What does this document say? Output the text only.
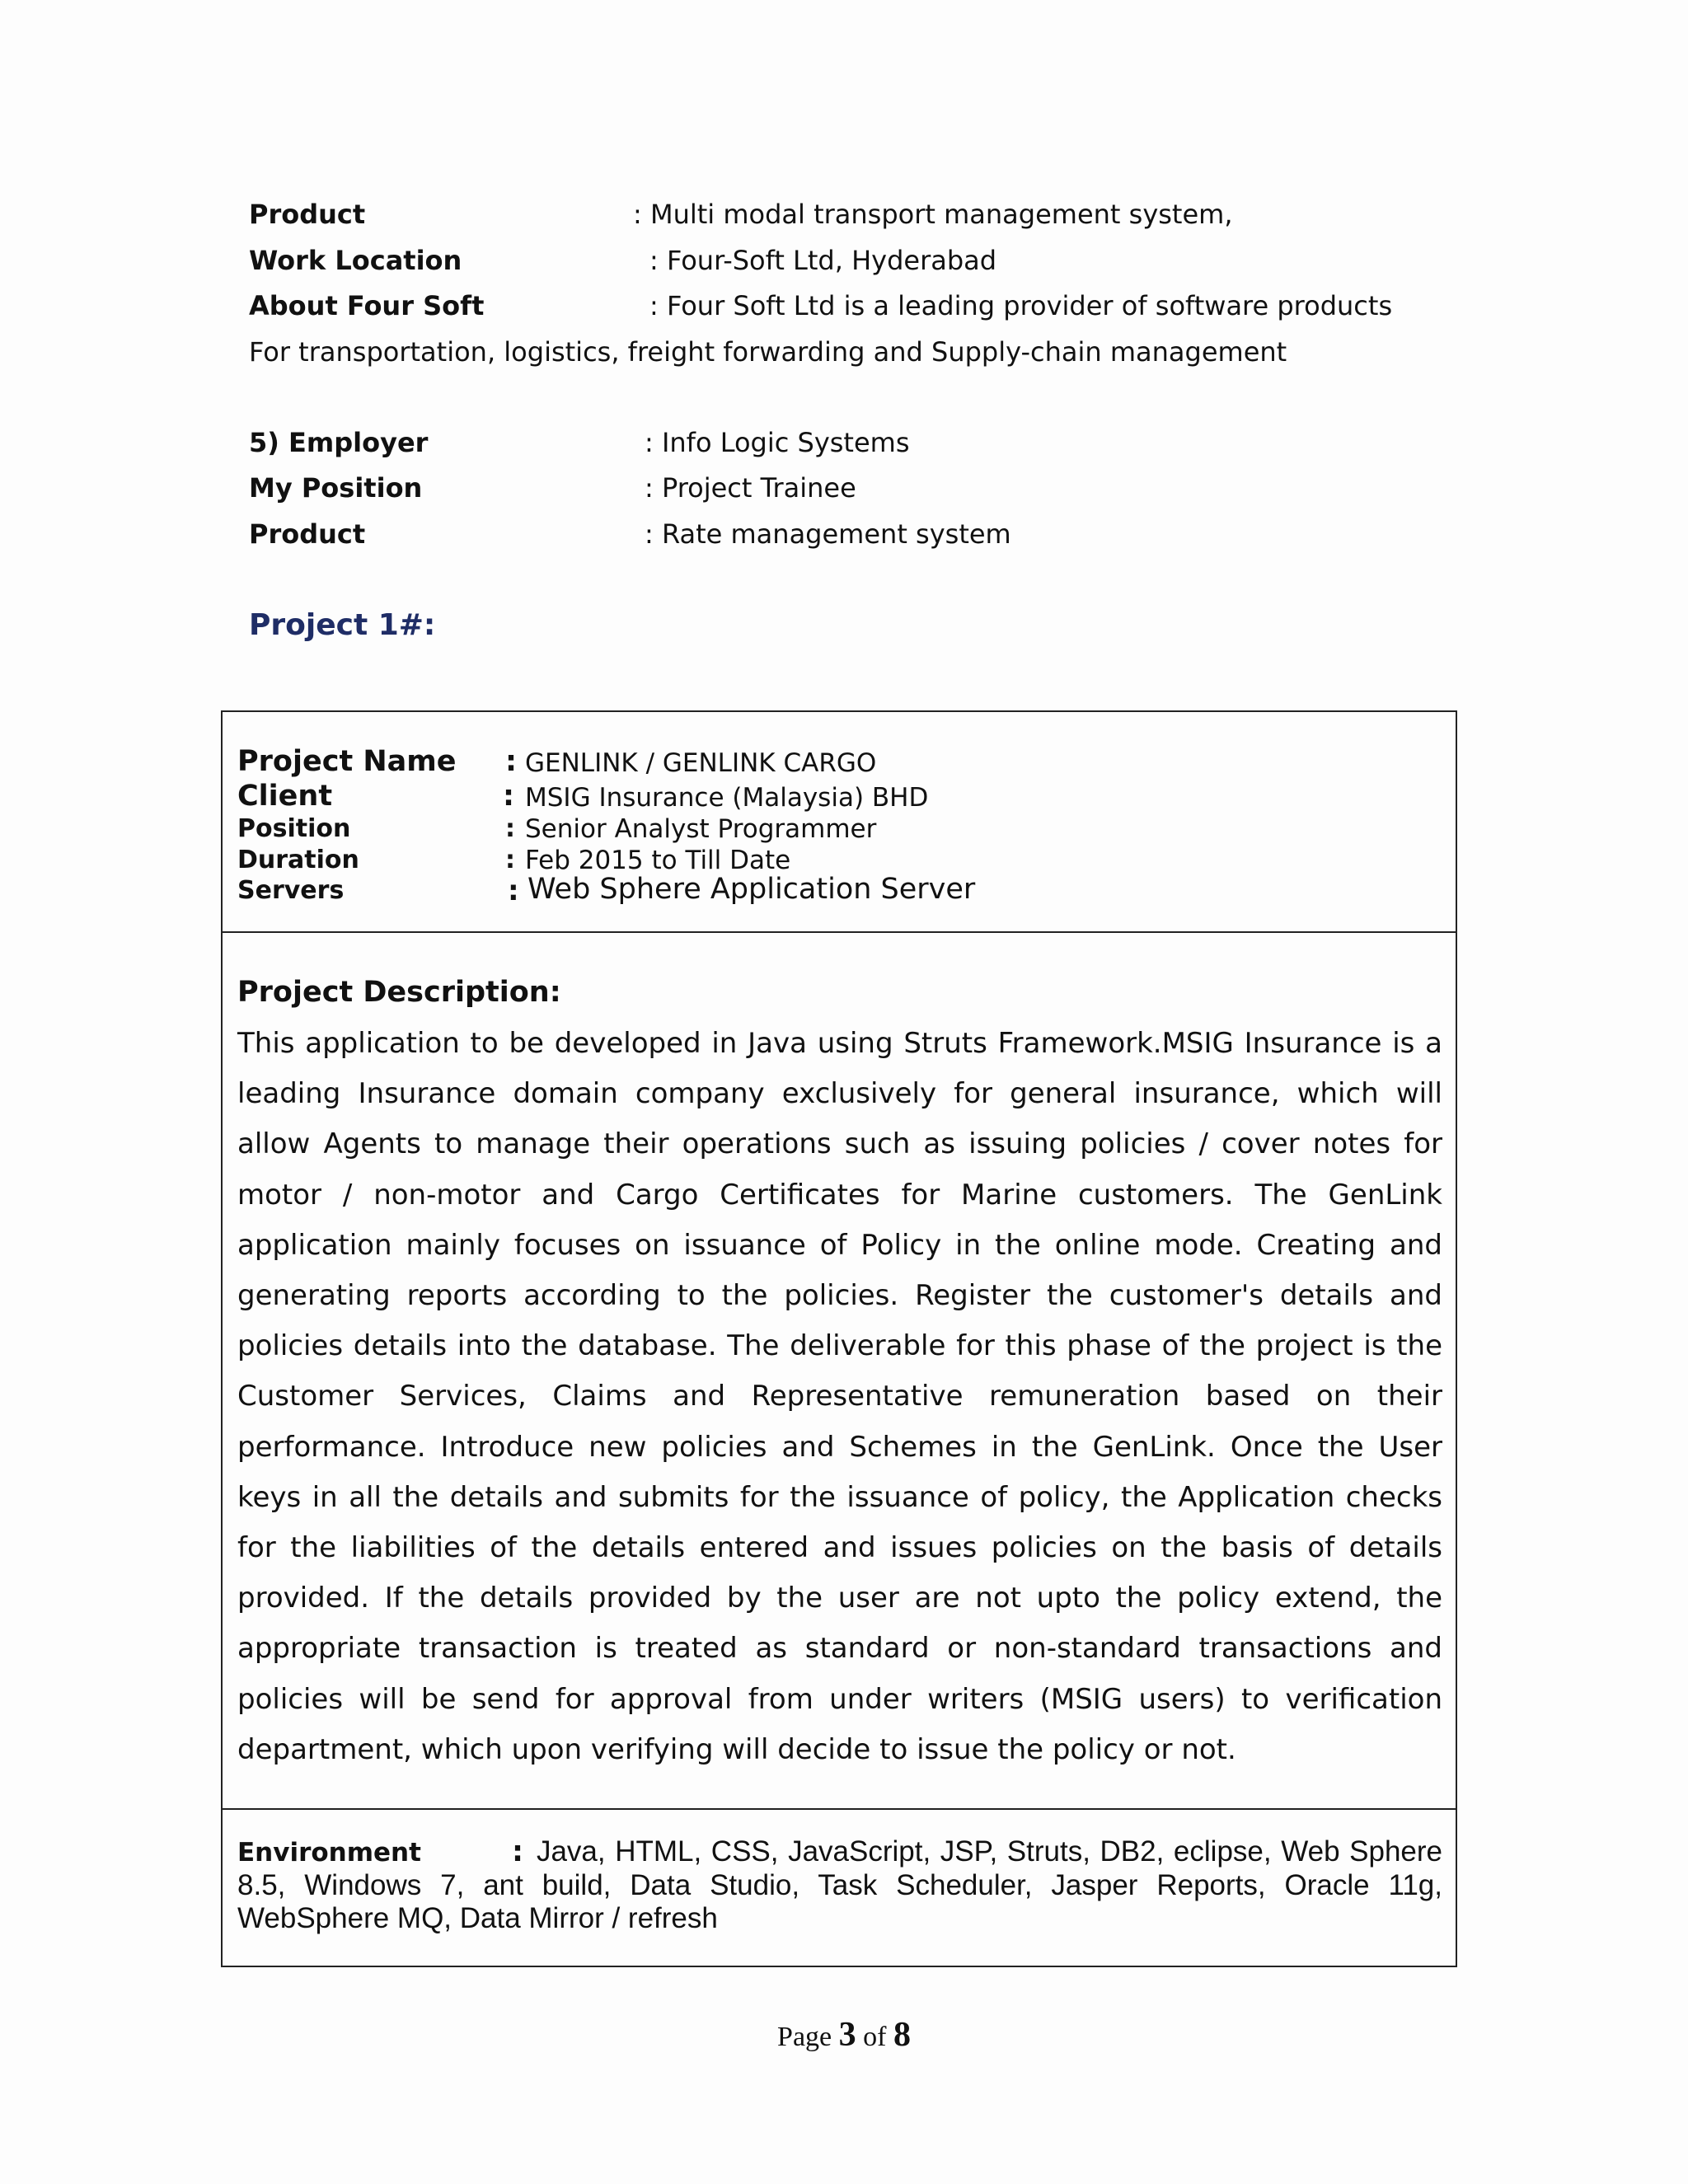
Product	: Multi modal transport management system,
Work Location	: Four-Soft Ltd, Hyderabad
About Four Soft	: Four Soft Ltd is a leading provider of software products
For transportation, logistics, freight forwarding and Supply-chain management
5) Employer	: Info Logic Systems
My Position	: Project Trainee
Product	: Rate management system
Project 1#:
Project Name : GENLINK / GENLINK CARGO
Client	: MSIG Insurance (Malaysia) BHD
Position	: Senior Analyst Programmer
Duration	: Feb 2015 to Till Date
Servers	: Web Sphere Application Server
Project Description:

This application to be developed in Java using Struts Framework.MSIG Insurance is a leading Insurance domain company exclusively for general insurance, which will allow Agents to manage their operations such as issuing policies / cover notes for motor / non-motor and Cargo Certificates for Marine customers. The GenLink application mainly focuses on issuance of Policy in the online mode. Creating and generating reports according to the policies. Register the customer's details and policies details into the database. The deliverable for this phase of the project is the Customer Services, Claims and Representative remuneration based on their performance. Introduce new policies and Schemes in the GenLink. Once the User keys in all the details and submits for the issuance of policy, the Application checks for the liabilities of the details entered and issues policies on the basis of details provided. If the details provided by the user are not upto the policy extend, the appropriate transaction is treated as standard or non-standard transactions and policies will be send for approval from under writers (MSIG users) to verification department, which upon verifying will decide to issue the policy or not.

Environment	: Java, HTML, CSS, JavaScript, JSP, Struts, DB2, eclipse, Web Sphere 8.5, Windows 7, ant build, Data Studio, Task Scheduler, Jasper Reports, Oracle 11g, WebSphere MQ, Data Mirror / refresh

Page 3 of 8
